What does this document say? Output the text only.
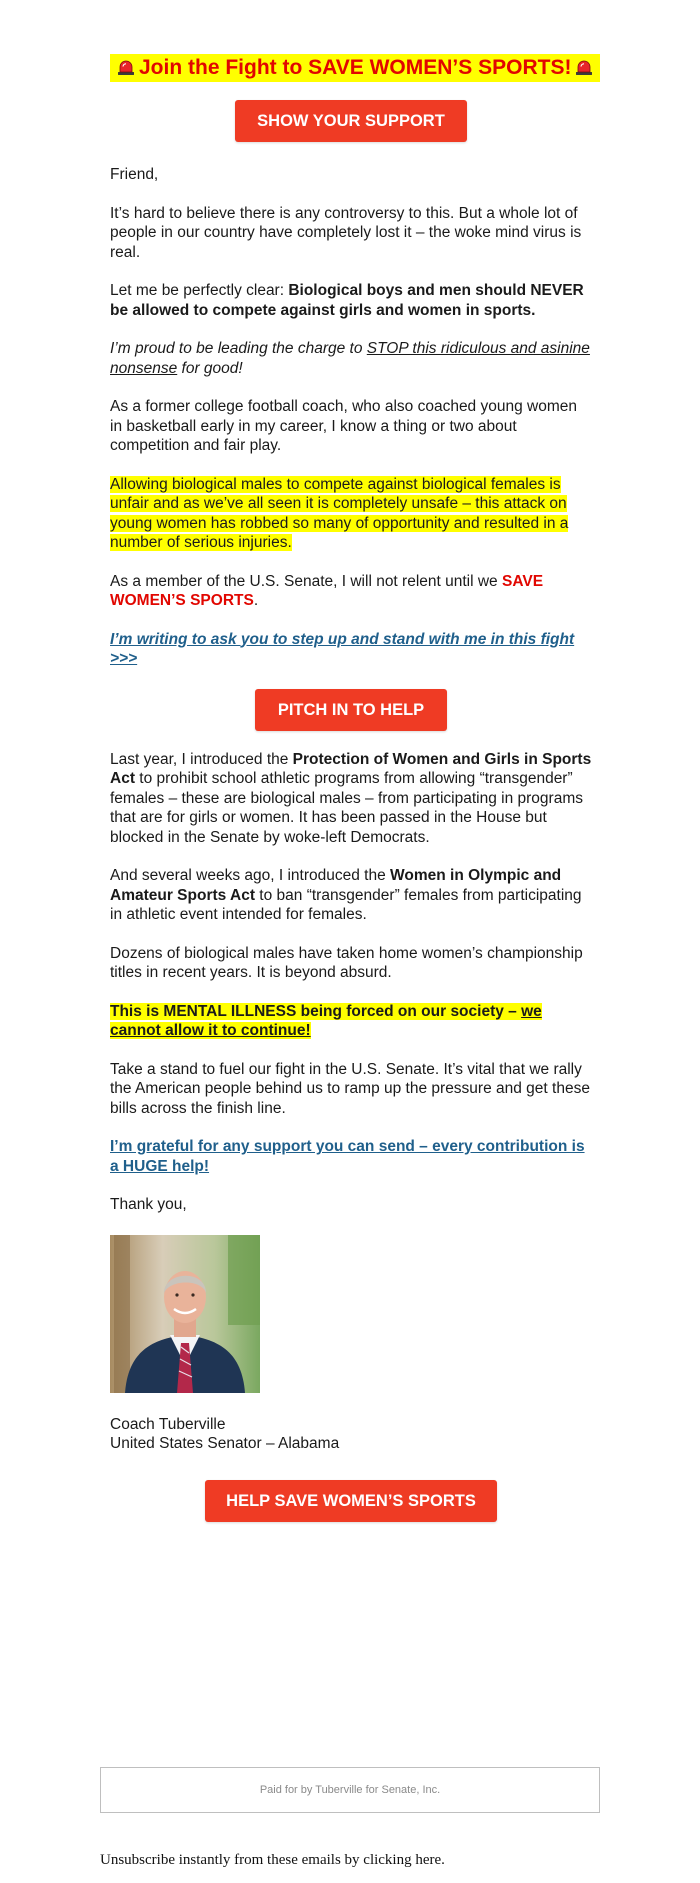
Join the Fight to SAVE WOMEN’S SPORTS!
SHOW YOUR SUPPORT

Friend,

It’s hard to believe there is any controversy to this. But a whole lot of people in our country have completely lost it – the woke mind virus is real.

Let me be perfectly clear: Biological boys and men should NEVER be allowed to compete against girls and women in sports.

I’m proud to be leading the charge to STOP this ridiculous and asinine nonsense for good!

As a former college football coach, who also coached young women in basketball early in my career, I know a thing or two about competition and fair play.

Allowing biological males to compete against biological females is unfair and as we’ve all seen it is completely unsafe – this attack on young women has robbed so many of opportunity and resulted in a number of serious injuries.

As a member of the U.S. Senate, I will not relent until we SAVE WOMEN’S SPORTS.

I’m writing to ask you to step up and stand with me in this fight >>>

PITCH IN TO HELP

Last year, I introduced the Protection of Women and Girls in Sports Act to prohibit school athletic programs from allowing “transgender” females – these are biological males – from participating in programs that are for girls or women. It has been passed in the House but blocked in the Senate by woke-left Democrats.

And several weeks ago, I introduced the Women in Olympic and Amateur Sports Act to ban “transgender” females from participating in athletic event intended for females.

Dozens of biological males have taken home women’s championship titles in recent years. It is beyond absurd.

This is MENTAL ILLNESS being forced on our society – we cannot allow it to continue!

Take a stand to fuel our fight in the U.S. Senate. It’s vital that we rally the American people behind us to ramp up the pressure and get these bills across the finish line.

I’m grateful for any support you can send – every contribution is a HUGE help!

Thank you,

Coach Tuberville

United States Senator – Alabama

HELP SAVE WOMEN’S SPORTS
Paid for by Tuberville for Senate, Inc.
Unsubscribe instantly from these emails by clicking here.
